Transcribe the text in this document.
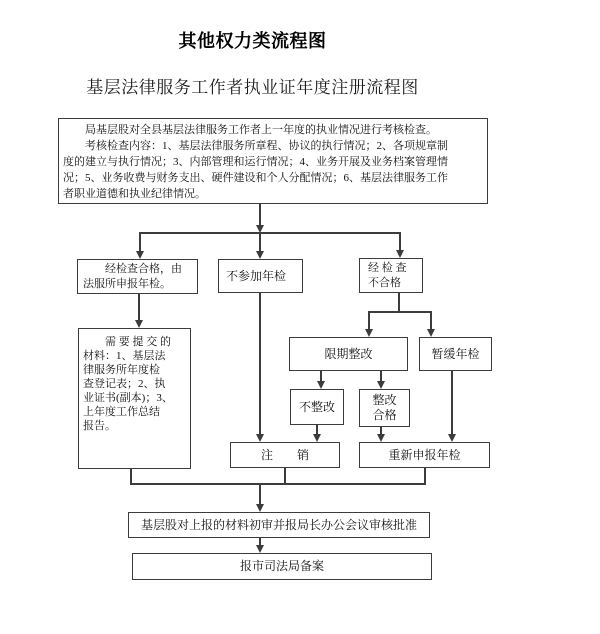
其他权力类流程图
基层法律服务工作者执业证年度注册流程图
　　局基层股对全县基层法律服务工作者上一年度的执业情况进行考核检查。
　　考核检查内容：1、基层法律服务所章程、协议的执行情况；2、各项规章制
度的建立与执行情况；3、内部管理和运行情况；4、业务开展及业务档案管理情
况；5、业务收费与财务支出、硬件建设和个人分配情况；6、基层法律服务工作
者职业道德和执业纪律情况。
　　经检查合格，由
法服所申报年检。
不参加年检
经 检 查
不合格
　　需 要 提 交 的
材料：1、基层法
律服务所年度检
查登记表；2、执
业证书(副本)；3、
上年度工作总结
报告。
限期整改	暂缓年检
不整改	整改
合格
注　　销	重新申报年检
基层股对上报的材料初审并报局长办公会议审核批准
报市司法局备案
